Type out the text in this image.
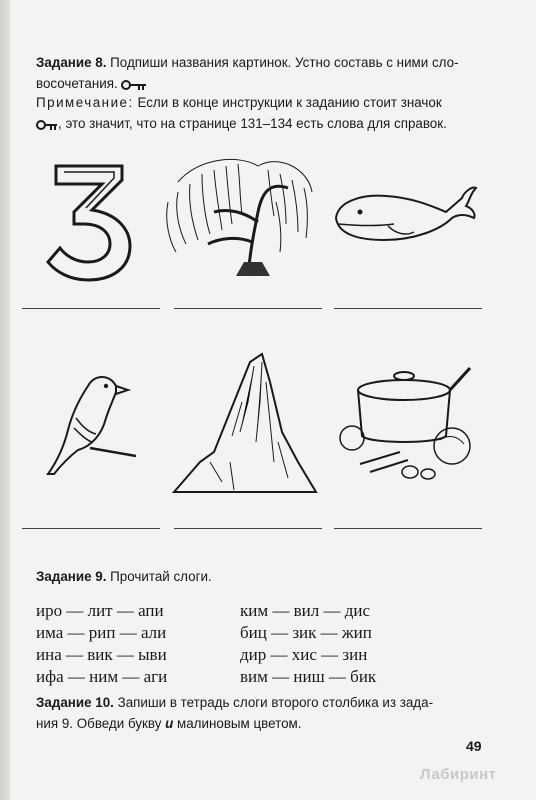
Задание 8. Подпиши названия картинок. Устно составь с ними сло-
восочетания.
Примечание: Если в конце инструкции к заданию стоит значок
, это значит, что на странице 131–134 есть слова для справок.
Задание 9. Прочитай слоги.
иро — лит — апи
има — рип — али
ина — вик — ыви
ифа — ним — аги
ким — вил — дис
биц — зик — жип
дир — хис — зин
вим — ниш — бик
Задание 10. Запиши в тетрадь слоги второго столбика из зада-
ния 9. Обведи букву и малиновым цветом.
49
Лабиринт
